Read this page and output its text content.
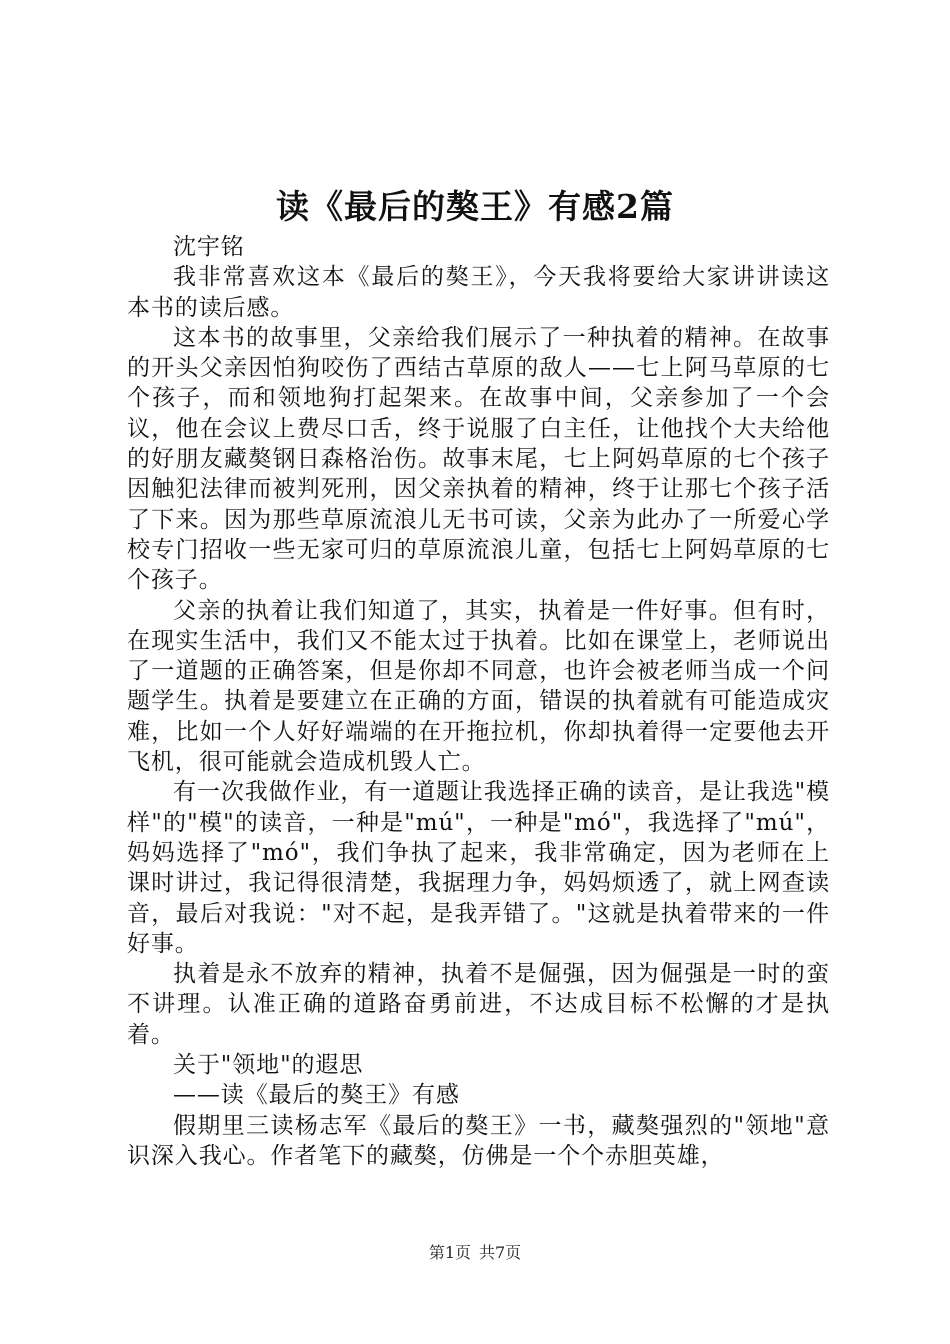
读《最后的獒王》有感2篇

沈宇铭

我非常喜欢这本《最后的獒王》，今天我将要给大家讲讲读这本书的读后感。

这本书的故事里，父亲给我们展示了一种执着的精神。在故事的开头父亲因怕狗咬伤了西结古草原的敌人——七上阿马草原的七个孩子，而和领地狗打起架来。在故事中间，父亲参加了一个会议，他在会议上费尽口舌，终于说服了白主任，让他找个大夫给他的好朋友藏獒钢日森格治伤。故事末尾，七上阿妈草原的七个孩子因触犯法律而被判死刑，因父亲执着的精神，终于让那七个孩子活了下来。因为那些草原流浪儿无书可读，父亲为此办了一所爱心学校专门招收一些无家可归的草原流浪儿童，包括七上阿妈草原的七个孩子。

父亲的执着让我们知道了，其实，执着是一件好事。但有时，在现实生活中，我们又不能太过于执着。比如在课堂上，老师说出了一道题的正确答案，但是你却不同意，也许会被老师当成一个问题学生。执着是要建立在正确的方面，错误的执着就有可能造成灾难，比如一个人好好端端的在开拖拉机，你却执着得一定要他去开飞机，很可能就会造成机毁人亡。

有一次我做作业，有一道题让我选择正确的读音，是让我选"模样"的"模"的读音，一种是"mú"，一种是"mó"，我选择了"mú"，妈妈选择了"mó"，我们争执了起来，我非常确定，因为老师在上课时讲过，我记得很清楚，我据理力争，妈妈烦透了，就上网查读音，最后对我说："对不起，是我弄错了。"这就是执着带来的一件好事。

执着是永不放弃的精神，执着不是倔强，因为倔强是一时的蛮不讲理。认准正确的道路奋勇前进，不达成目标不松懈的才是执着。

关于"领地"的遐思

——读《最后的獒王》有感

假期里三读杨志军《最后的獒王》一书，藏獒强烈的"领地"意识深入我心。作者笔下的藏獒，仿佛是一个个赤胆英雄，

第1页 共7页
